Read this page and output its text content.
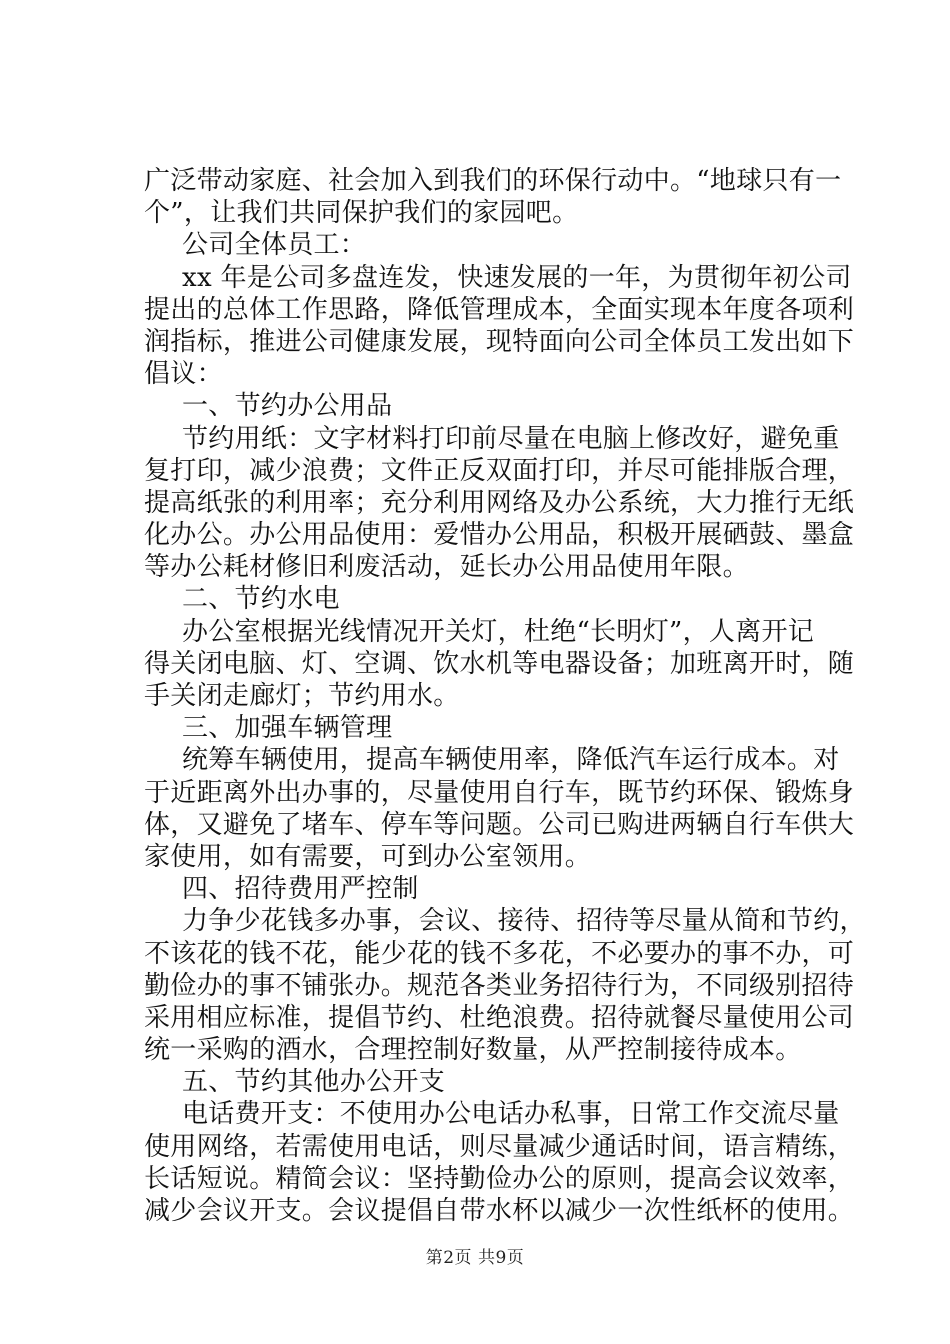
广泛带动家庭、社会加入到我们的环保行动中。“地球只有一
个”，让我们共同保护我们的家园吧。
公司全体员工：
xx 年是公司多盘连发，快速发展的一年，为贯彻年初公司
提出的总体工作思路，降低管理成本，全面实现本年度各项利
润指标，推进公司健康发展，现特面向公司全体员工发出如下
倡议：
一、节约办公用品
节约用纸：文字材料打印前尽量在电脑上修改好，避免重
复打印，减少浪费；文件正反双面打印，并尽可能排版合理，
提高纸张的利用率；充分利用网络及办公系统，大力推行无纸
化办公。办公用品使用：爱惜办公用品，积极开展硒鼓、墨盒
等办公耗材修旧利废活动，延长办公用品使用年限。
二、节约水电
办公室根据光线情况开关灯，杜绝“长明灯”，人离开记
得关闭电脑、灯、空调、饮水机等电器设备；加班离开时，随
手关闭走廊灯；节约用水。
三、加强车辆管理
统筹车辆使用，提高车辆使用率，降低汽车运行成本。对
于近距离外出办事的，尽量使用自行车，既节约环保、锻炼身
体，又避免了堵车、停车等问题。公司已购进两辆自行车供大
家使用，如有需要，可到办公室领用。
四、招待费用严控制
力争少花钱多办事，会议、接待、招待等尽量从简和节约，
不该花的钱不花，能少花的钱不多花，不必要办的事不办，可
勤俭办的事不铺张办。规范各类业务招待行为，不同级别招待
采用相应标准，提倡节约、杜绝浪费。招待就餐尽量使用公司
统一采购的酒水，合理控制好数量，从严控制接待成本。
五、节约其他办公开支
电话费开支：不使用办公电话办私事，日常工作交流尽量
使用网络，若需使用电话，则尽量减少通话时间，语言精练，
长话短说。精简会议：坚持勤俭办公的原则，提高会议效率，
减少会议开支。会议提倡自带水杯以减少一次性纸杯的使用。
第2页 共9页
